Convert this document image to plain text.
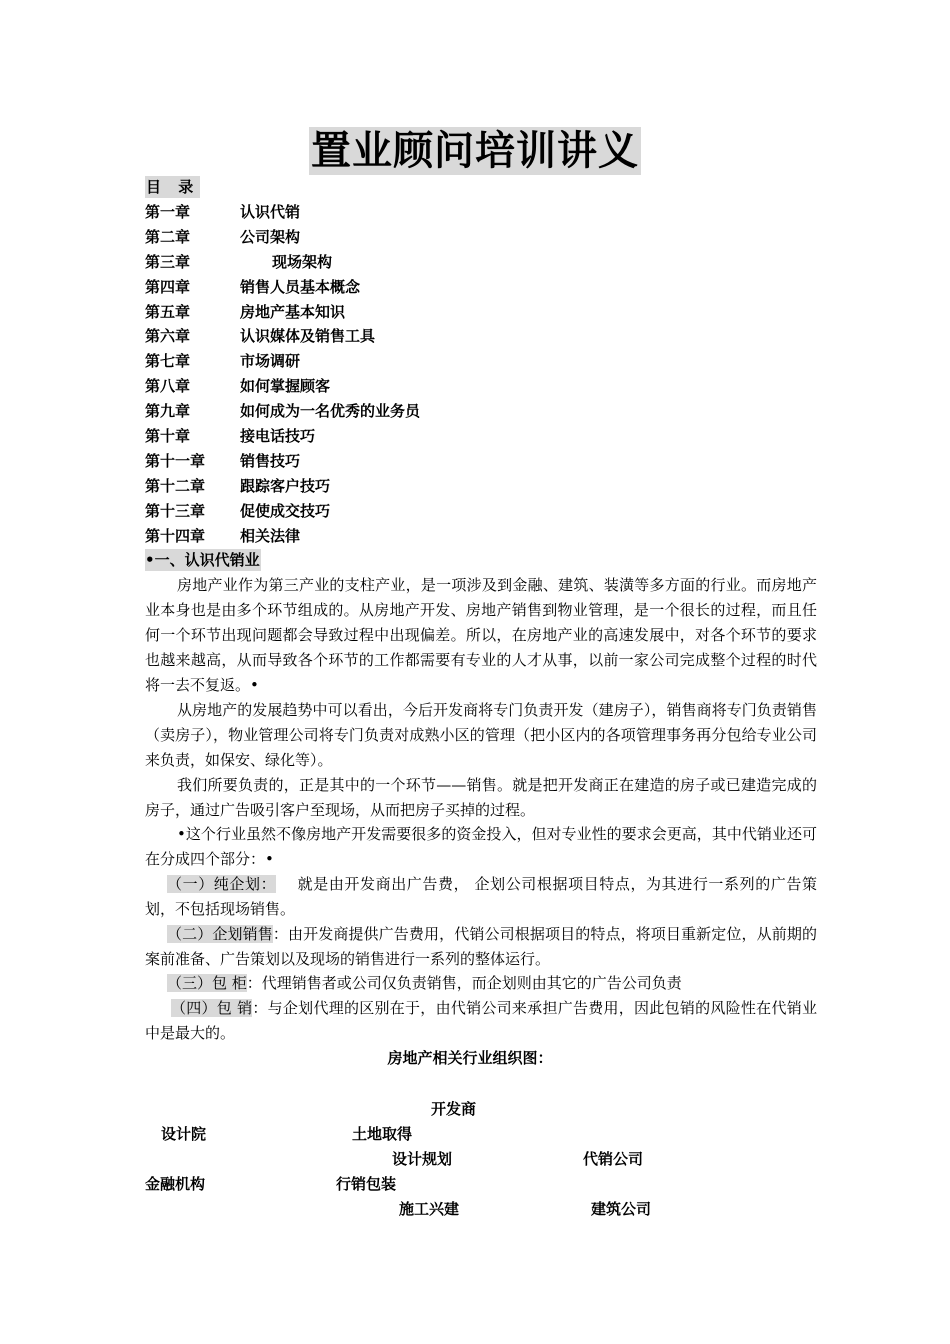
置业顾问培训讲义
目 录
第一章	认识代销
第二章	公司架构
第三章	现场架构
第四章	销售人员基本概念
第五章	房地产基本知识
第六章	认识媒体及销售工具
第七章	市场调研
第八章	如何掌握顾客
第九章	如何成为一名优秀的业务员
第十章	接电话技巧
第十一章 销售技巧
第十二章 跟踪客户技巧
第十三章 促使成交技巧
第十四章 相关法律
•一、认识代销业
房地产业作为第三产业的支柱产业，是一项涉及到金融、建筑、装潢等多方面的行业。而房地产业本身也是由多个环节组成的。从房地产开发、房地产销售到物业管理，是一个很长的过程，而且任何一个环节出现问题都会导致过程中出现偏差。所以，在房地产业的高速发展中，对各个环节的要求也越来越高，从而导致各个环节的工作都需要有专业的人才从事，以前一家公司完成整个过程的时代将一去不复返。•
从房地产的发展趋势中可以看出，今后开发商将专门负责开发（建房子），销售商将专门负责销售（卖房子），物业管理公司将专门负责对成熟小区的管理（把小区内的各项管理事务再分包给专业公司来负责，如保安、绿化等）。
我们所要负责的，正是其中的一个环节——销售。就是把开发商正在建造的房子或已建造完成的房子，通过广告吸引客户至现场，从而把房子买掉的过程。
•这个行业虽然不像房地产开发需要很多的资金投入，但对专业性的要求会更高，其中代销业还可在分成四个部分：•
（一）纯企划： 就是由开发商出广告费， 企划公司根据项目特点，为其进行一系列的广告策划，不包括现场销售。
（二）企划销售：由开发商提供广告费用，代销公司根据项目的特点，将项目重新定位，从前期的案前准备、广告策划以及现场的销售进行一系列的整体运行。
（三）包 柜：代理销售者或公司仅负责销售，而企划则由其它的广告公司负责
（四）包 销：与企划代理的区别在于，由代销公司来承担广告费用，因此包销的风险性在代销业中是最大的。
房地产相关行业组织图：
开发商
设计院	土地取得
设计规划	代销公司
金融机构	行销包装
施工兴建	建筑公司
